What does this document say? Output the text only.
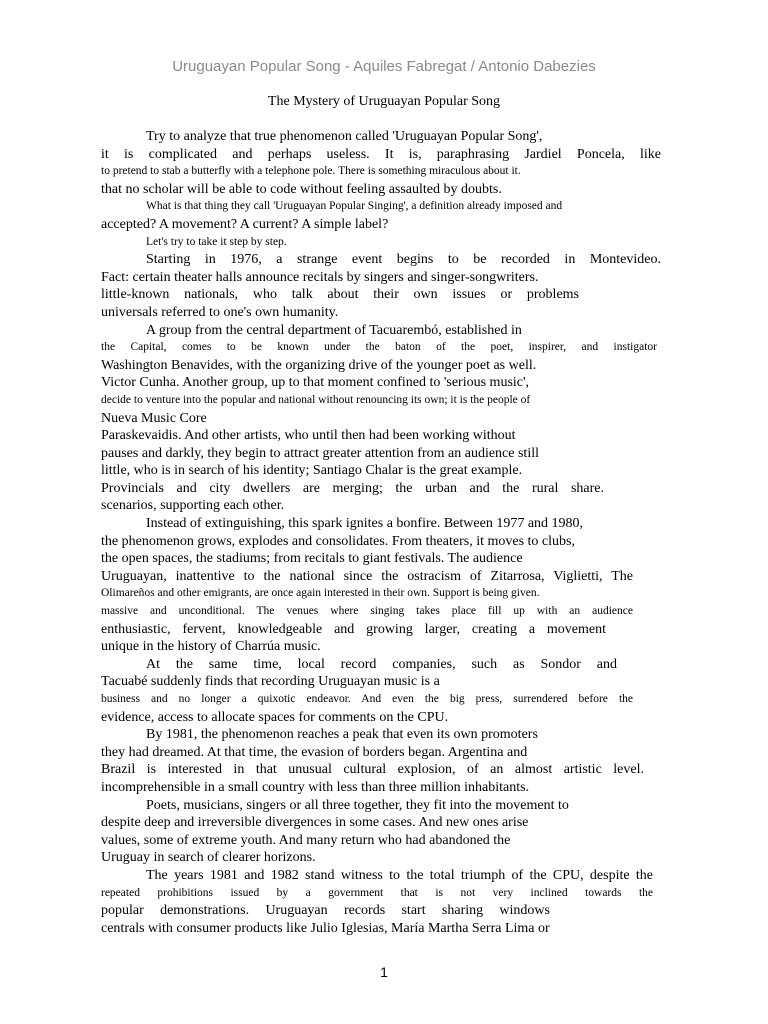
Uruguayan Popular Song - Aquiles Fabregat / Antonio Dabezies
The Mystery of Uruguayan Popular Song
Try to analyze that true phenomenon called 'Uruguayan Popular Song',
it is complicated and perhaps useless. It is, paraphrasing Jardiel Poncela, like
to pretend to stab a butterfly with a telephone pole. There is something miraculous about it.
that no scholar will be able to code without feeling assaulted by doubts.
What is that thing they call 'Uruguayan Popular Singing', a definition already imposed and
accepted? A movement? A current? A simple label?
Let's try to take it step by step.
Starting in 1976, a strange event begins to be recorded in Montevideo.
Fact: certain theater halls announce recitals by singers and singer-songwriters.
little-known nationals, who talk about their own issues or problems
universals referred to one's own humanity.
A group from the central department of Tacuarembó, established in
the Capital, comes to be known under the baton of the poet, inspirer, and instigator
Washington Benavides, with the organizing drive of the younger poet as well.
Victor Cunha. Another group, up to that moment confined to 'serious music',
decide to venture into the popular and national without renouncing its own; it is the people of
Nueva Music Core
Paraskevaidis. And other artists, who until then had been working without
pauses and darkly, they begin to attract greater attention from an audience still
little, who is in search of his identity; Santiago Chalar is the great example.
Provincials and city dwellers are merging; the urban and the rural share.
scenarios, supporting each other.
Instead of extinguishing, this spark ignites a bonfire. Between 1977 and 1980,
the phenomenon grows, explodes and consolidates. From theaters, it moves to clubs,
the open spaces, the stadiums; from recitals to giant festivals. The audience
Uruguayan, inattentive to the national since the ostracism of Zitarrosa, Viglietti, The
Olimareños and other emigrants, are once again interested in their own. Support is being given.
massive and unconditional. The venues where singing takes place fill up with an audience
enthusiastic, fervent, knowledgeable and growing larger, creating a movement
unique in the history of Charrúa music.
At the same time, local record companies, such as Sondor and
Tacuabé suddenly finds that recording Uruguayan music is a
business and no longer a quixotic endeavor. And even the big press, surrendered before the
evidence, access to allocate spaces for comments on the CPU.
By 1981, the phenomenon reaches a peak that even its own promoters
they had dreamed. At that time, the evasion of borders began. Argentina and
Brazil is interested in that unusual cultural explosion, of an almost artistic level.
incomprehensible in a small country with less than three million inhabitants.
Poets, musicians, singers or all three together, they fit into the movement to
despite deep and irreversible divergences in some cases. And new ones arise
values, some of extreme youth. And many return who had abandoned the
Uruguay in search of clearer horizons.
The years 1981 and 1982 stand witness to the total triumph of the CPU, despite the
repeated prohibitions issued by a government that is not very inclined towards the
popular demonstrations. Uruguayan records start sharing windows
centrals with consumer products like Julio Iglesias, María Martha Serra Lima or
1
